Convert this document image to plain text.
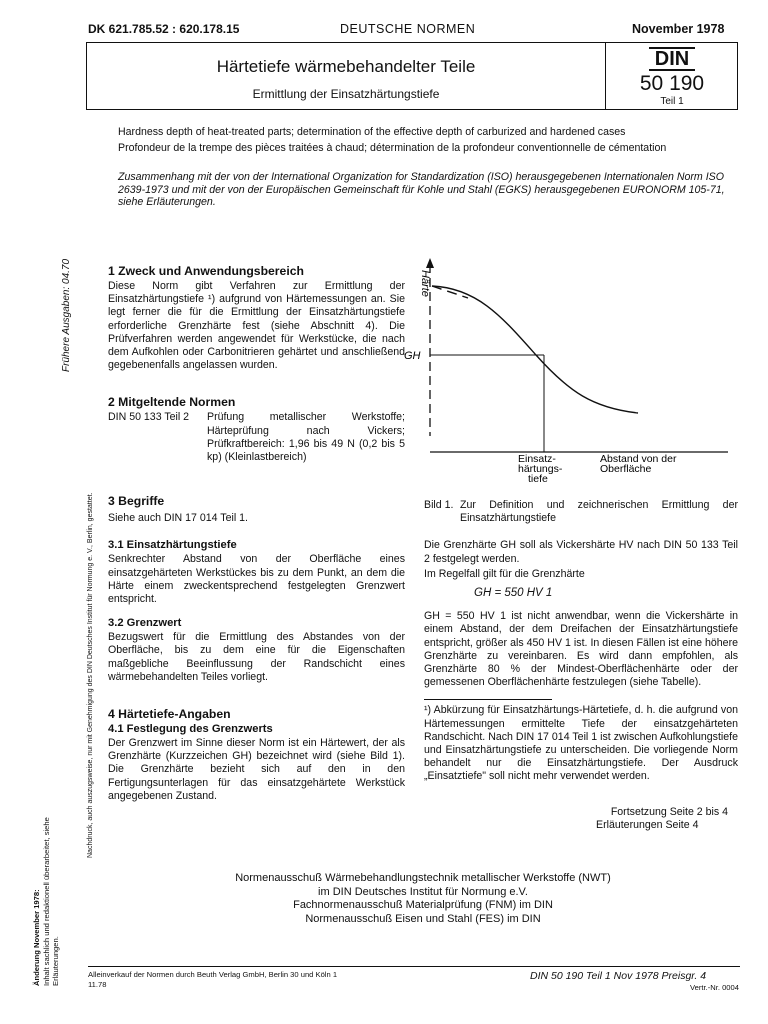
DK 621.785.52 : 620.178.15	DEUTSCHE NORMEN	November 1978
Härtetiefe wärmebehandelter Teile
Ermittlung der Einsatzhärtungstiefe
DIN
50 190
Teil 1
Hardness depth of heat-treated parts; determination of the effective depth of carburized and hardened cases
Profondeur de la trempe des pièces traitées à chaud; détermination de la profondeur conventionnelle de cémentation
Zusammenhang mit der von der International Organization for Standardization (ISO) herausgegebenen Internationalen Norm ISO 2639-1973 und mit der von der Europäischen Gemeinschaft für Kohle und Stahl (EGKS) herausgegebenen EURONORM 105-71, siehe Erläuterungen.
Frühere Ausgaben: 04.70
Nachdruck, auch auszugsweise, nur mit Genehmigung des DIN Deutsches Institut für Normung e. V., Berlin, gestattet.
Änderung November 1978: Inhalt sachlich und redaktionell überarbeitet, siehe Erläuterungen.
1 Zweck und Anwendungsbereich
Diese Norm gibt Verfahren zur Ermittlung der Einsatzhärtungstiefe ¹) aufgrund von Härtemessungen an. Sie legt ferner die für die Ermittlung der Einsatzhärtungstiefe erforderliche Grenzhärte fest (siehe Abschnitt 4). Die Prüfverfahren werden angewendet für Werkstücke, die nach dem Aufkohlen oder Carbonitrieren gehärtet und anschließend gegebenenfalls angelassen wurden.
2 Mitgeltende Normen
DIN 50 133 Teil 2	Prüfung metallischer Werkstoffe; Härteprüfung nach Vickers; Prüfkraftbereich: 1,96 bis 49 N (0,2 bis 5 kp) (Kleinlastbereich)
3 Begriffe
Siehe auch DIN 17 014 Teil 1.
3.1 Einsatzhärtungstiefe
Senkrechter Abstand von der Oberfläche eines einsatzgehärteten Werkstückes bis zu dem Punkt, an dem die Härte einem zweckentsprechend festgelegten Grenzwert entspricht.
3.2 Grenzwert
Bezugswert für die Ermittlung des Abstandes von der Oberfläche, bis zu dem eine für die Eigenschaften maßgebliche Beeinflussung der Randschicht eines wärmebehandelten Teiles vorliegt.
4 Härtetiefe-Angaben
4.1 Festlegung des Grenzwerts
Der Grenzwert im Sinne dieser Norm ist ein Härtewert, der als Grenzhärte (Kurzzeichen GH) bezeichnet wird (siehe Bild 1). Die Grenzhärte bezieht sich auf den in den Fertigungsunterlagen für das einsatzgehärtete Werkstück angegebenen Zustand.
Härte
GH
Einsatz-
härtungs-
tiefe
Abstand von der
Oberfläche
Bild 1. Zur Definition und zeichnerischen Ermittlung der Einsatzhärtungstiefe
Die Grenzhärte GH soll als Vickershärte HV nach DIN 50 133 Teil 2 festgelegt werden.
Im Regelfall gilt für die Grenzhärte
GH = 550 HV 1
GH = 550 HV 1 ist nicht anwendbar, wenn die Vickershärte in einem Abstand, der dem Dreifachen der Einsatzhärtungstiefe entspricht, größer als 450 HV 1 ist. In diesen Fällen ist eine höhere Grenzhärte zu vereinbaren. Es wird dann empfohlen, als Grenzhärte 80 % der Mindest-Oberflächenhärte oder der gemessenen Oberflächenhärte festzulegen (siehe Tabelle).
¹) Abkürzung für Einsatzhärtungs-Härtetiefe, d. h. die aufgrund von Härtemessungen ermittelte Tiefe der einsatzgehärteten Randschicht. Nach DIN 17 014 Teil 1 ist zwischen Aufkohlungstiefe und Einsatzhärtungstiefe zu unterscheiden. Die vorliegende Norm behandelt nur die Einsatzhärtungstiefe. Der Ausdruck „Einsatztiefe" soll nicht mehr verwendet werden.
Fortsetzung Seite 2 bis 4
Erläuterungen Seite 4
Normenausschuß Wärmebehandlungstechnik metallischer Werkstoffe (NWT)
im DIN Deutsches Institut für Normung e.V.
Fachnormenausschuß Materialprüfung (FNM) im DIN
Normenausschuß Eisen und Stahl (FES) im DIN
Alleinverkauf der Normen durch Beuth Verlag GmbH, Berlin 30 und Köln 1
11.78
DIN 50 190 Teil 1 Nov 1978 Preisgr. 4
Vertr.-Nr. 0004
